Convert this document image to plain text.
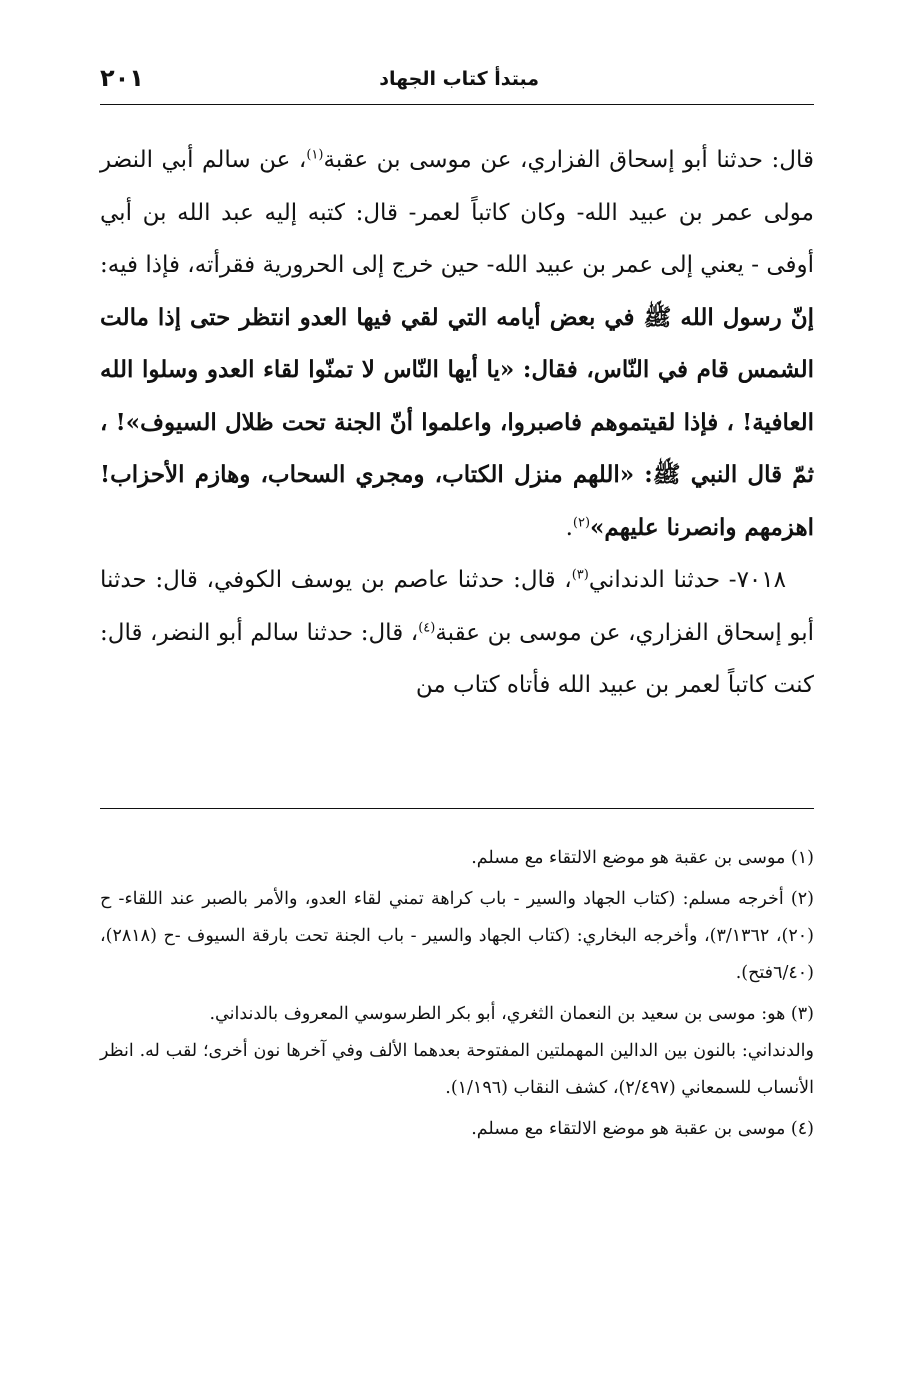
مبتدأ كتاب الجهاد
٢٠١

قال: حدثنا أبو إسحاق الفزاري، عن موسى بن عقبة$^{(١)}$، عن سالم أبي النضر مولى عمر بن عبيد الله- وكان كاتباً لعمر- قال: كتبه إليه عبد الله بن أبي أوفى - يعني إلى عمر بن عبيد الله- حين خرج إلى الحرورية فقرأته، فإذا فيه: إنّ رسول الله ﷺ في بعض أيامه التي لقي فيها العدو انتظر حتى إذا مالت الشمس قام في النّاس، فقال: «يا أيها النّاس لا تمنّوا لقاء العدو وسلوا الله العافية! ، فإذا لقيتموهم فاصبروا، واعلموا أنّ الجنة تحت ظلال السيوف»! ، ثمّ قال النبي ﷺ: «اللهم منزل الكتاب، ومجري السحاب، وهازم الأحزاب! اهزمهم وانصرنا عليهم»$^{(٢)}$.

٧٠١٨- حدثنا الدنداني$^{(٣)}$، قال: حدثنا عاصم بن يوسف الكوفي، قال: حدثنا أبو إسحاق الفزاري، عن موسى بن عقبة$^{(٤)}$، قال: حدثنا سالم أبو النضر، قال: كنت كاتباً لعمر بن عبيد الله فأتاه كتاب من

(١) موسى بن عقبة هو موضع الالتقاء مع مسلم.

(٢) أخرجه مسلم: (كتاب الجهاد والسير - باب كراهة تمني لقاء العدو، والأمر بالصبر عند اللقاء- ح (٢٠)، ٣/١٣٦٢)، وأخرجه البخاري: (كتاب الجهاد والسير - باب الجنة تحت بارقة السيوف -ح (٢٨١٨)، (٦/٤٠فتح).

(٣) هو: موسى بن سعيد بن النعمان الثغري، أبو بكر الطرسوسي المعروف بالدنداني.

والدنداني: بالنون بين الدالين المهملتين المفتوحة بعدهما الألف وفي آخرها نون أخرى؛ لقب له. انظر الأنساب للسمعاني (٢/٤٩٧)، كشف النقاب (١/١٩٦).

(٤) موسى بن عقبة هو موضع الالتقاء مع مسلم.
